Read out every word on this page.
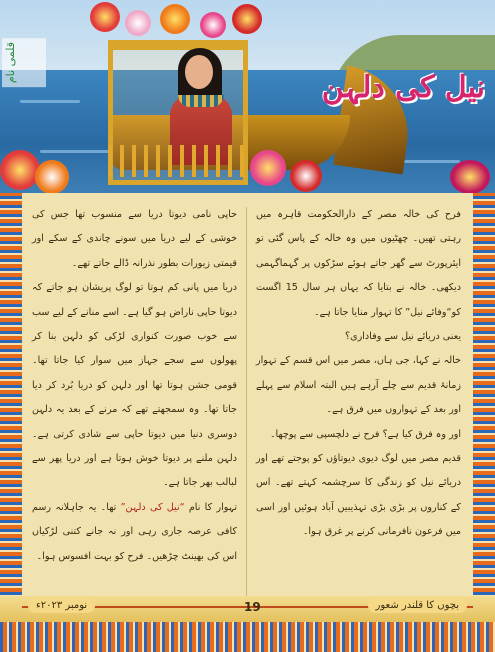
نیل کی دلہن
قلمی نام

فرح کی خالہ مصر کے دارالحکومت قاہرہ میں رہتی تھیں۔ چھٹیوں میں وہ خالہ کے پاس گئی تو ایئرپورٹ سے گھر جاتے ہوئے سڑکوں پر گہماگہمی دیکھی۔ خالہ نے بتایا کہ یہاں ہر سال 15 اگست کو“وفائے نیل” کا تہوار منایا جاتا ہے۔

یعنی دریائے نیل سے وفاداری؟

خالہ نے کہا، جی ہاں، مصر میں اس قسم کے تہوار زمانۂ قدیم سے چلے آرہے ہیں البتہ اسلام سے پہلے اور بعد کے تہواروں میں فرق ہے۔

اور وہ فرق کیا ہے؟ فرح نے دلچسپی سے پوچھا۔

قدیم مصر میں لوگ دیوی دیوتاؤں کو پوجتے تھے اور دریائے نیل کو زندگی کا سرچشمہ کہتے تھے۔ اس کے کناروں پر بڑی بڑی تہذیبیں آباد ہوئیں اور اسی میں فرعون نافرمانی کرنے پر غرق ہوا۔

حاپی نامی دیوتا دریا سے منسوب تھا جس کی خوشی کے لیے دریا میں سونے چاندی کے سکے اور قیمتی زیورات بطور نذرانہ ڈالے جاتے تھے۔

دریا میں پانی کم ہوتا تو لوگ پریشان ہو جاتے کہ دیوتا حاپی ناراض ہو گیا ہے۔ اسے منانے کے لیے سب سے خوب صورت کنواری لڑکی کو دلہن بنا کر پھولوں سے سجے جہاز میں سوار کیا جاتا تھا۔ قومی جشن ہوتا تھا اور دلہن کو دریا بُرد کر دیا جاتا تھا۔ وہ سمجھتے تھے کہ مرنے کے بعد یہ دلہن دوسری دنیا میں دیوتا حاپی سے شادی کرتی ہے۔ دلہن ملنے پر دیوتا خوش ہوتا ہے اور دریا پھر سے لبالب بھر جاتا ہے۔

تہوار کا نام “نیل کی دلہن” تھا۔ یہ جاہلانہ رسم کافی عرصہ جاری رہی اور نہ جانے کتنی لڑکیاں اس کی بھینٹ چڑھیں۔ فرح کو بہت افسوس ہوا۔

بچوں کا قلندر شعور
19
نومبر ۲۰۲۳ء
